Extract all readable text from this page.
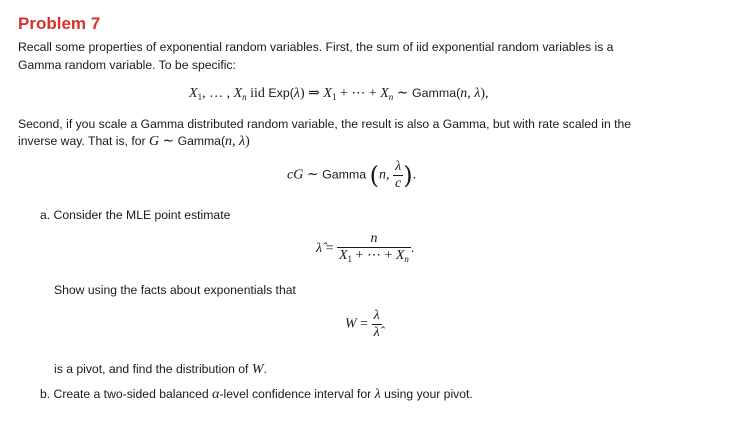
Problem 7
Recall some properties of exponential random variables. First, the sum of iid exponential random variables is a
Gamma random variable. To be specific:
$X_1$, … , $X_n$ iid Exp(λ) ⇒ $X_1$ + ⋯ + $X_n$ ∼ Gamma(n, λ),
Second, if you scale a Gamma distributed random variable, the result is also a Gamma, but with rate scaled in the
inverse way. That is, for G ∼ Gamma(n, λ)
cG ∼ Gamma (n, $\frac{\lambda}{c}$ ).
a. Consider the MLE point estimate
λ̂ = $\frac{n}{X_1 + \cdots + X_n}$ .
Show using the facts about exponentials that
$W = \frac{\lambda}{\lambdâ}$
is a pivot, and find the distribution of W.
b. Create a two-sided balanced α-level confidence interval for λ using your pivot.
